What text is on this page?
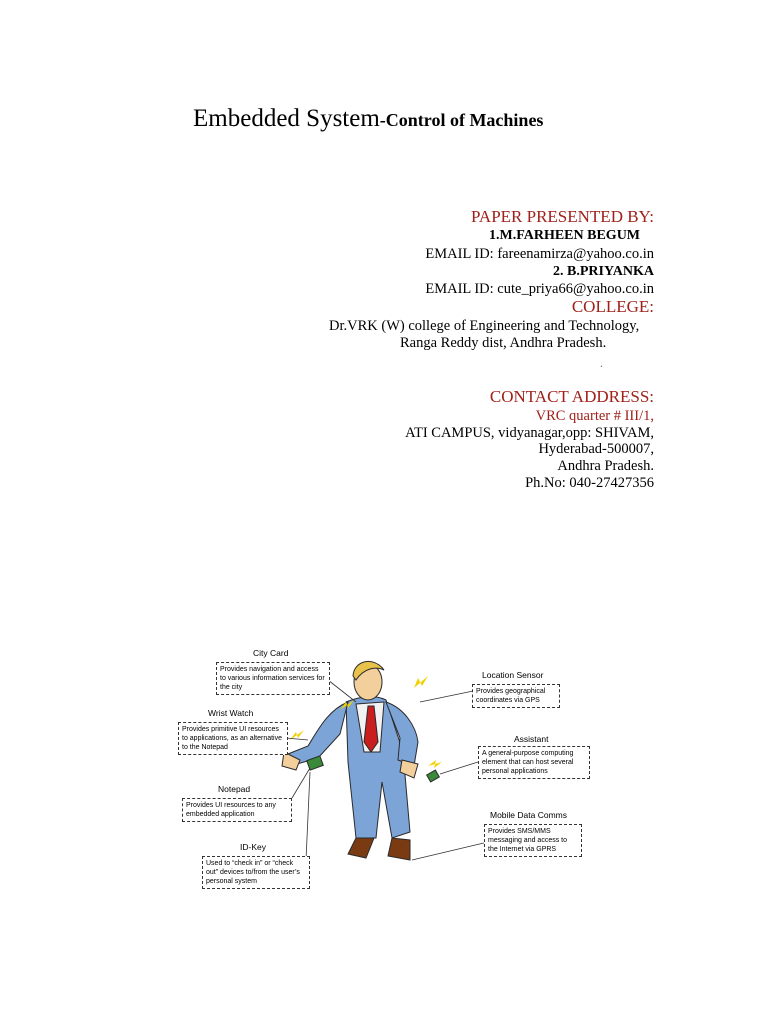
Embedded System-Control of Machines
PAPER PRESENTED BY:
1.M.FARHEEN BEGUM
EMAIL ID: fareenamirza@yahoo.co.in
2. B.PRIYANKA
EMAIL ID: cute_priya66@yahoo.co.in
COLLEGE:
Dr.VRK (W) college of Engineering and Technology,
Ranga Reddy dist, Andhra Pradesh.
.
CONTACT ADDRESS:
VRC quarter # III/1,
ATI CAMPUS, vidyanagar,opp: SHIVAM,
Hyderabad-500007,
Andhra Pradesh.
Ph.No: 040-27427356
City Card
Provides navigation and access to various information services for the city
Wrist Watch
Provides primitive UI resources to applications, as an alternative to the Notepad
Notepad
Provides UI resources to any embedded application
ID-Key
Used to “check in” or “check out” devices to/from the user’s personal system
Location Sensor
Provides geographical coordinates via GPS
Assistant
A general-purpose computing element that can host several personal applications
Mobile Data Comms
Provides SMS/MMS messaging and access to the Internet via GPRS
